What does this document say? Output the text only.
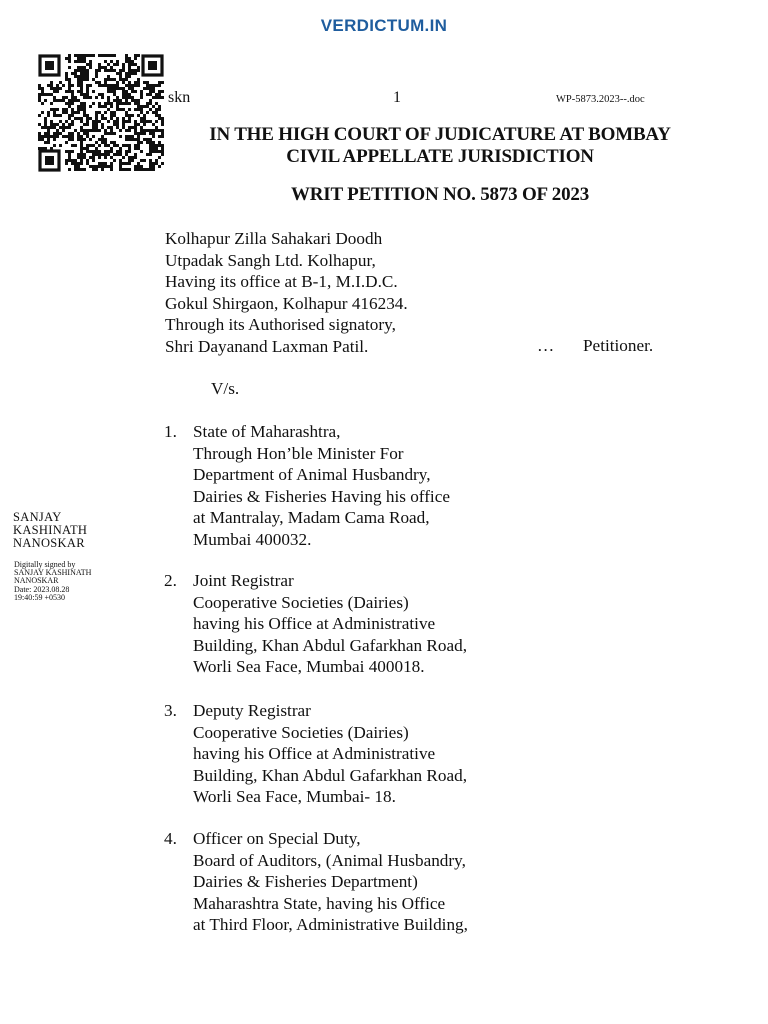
VERDICTUM.IN
skn	1	WP-5873.2023--.doc
IN THE HIGH COURT OF JUDICATURE AT BOMBAY
CIVIL APPELLATE JURISDICTION
WRIT PETITION NO. 5873 OF 2023
Kolhapur Zilla Sahakari Doodh
Utpadak Sangh Ltd. Kolhapur,
Having its office at B-1, M.I.D.C.
Gokul Shirgaon, Kolhapur 416234.
Through its Authorised signatory,
Shri Dayanand Laxman Patil.	… Petitioner.
V/s.
1. State of Maharashtra,
Through Hon’ble Minister For
Department of Animal Husbandry,
Dairies & Fisheries Having his office
at Mantralay, Madam Cama Road,
Mumbai 400032.
2. Joint Registrar
Cooperative Societies (Dairies)
having his Office at Administrative
Building, Khan Abdul Gafarkhan Road,
Worli Sea Face, Mumbai 400018.
3. Deputy Registrar
Cooperative Societies (Dairies)
having his Office at Administrative
Building, Khan Abdul Gafarkhan Road,
Worli Sea Face, Mumbai- 18.
4. Officer on Special Duty,
Board of Auditors, (Animal Husbandry,
Dairies & Fisheries Department)
Maharashtra State, having his Office
at Third Floor, Administrative Building,
SANJAY
KASHINATH
NANOSKAR
Digitally signed by
SANJAY KASHINATH
NANOSKAR
Date: 2023.08.28
19:40:59 +0530
